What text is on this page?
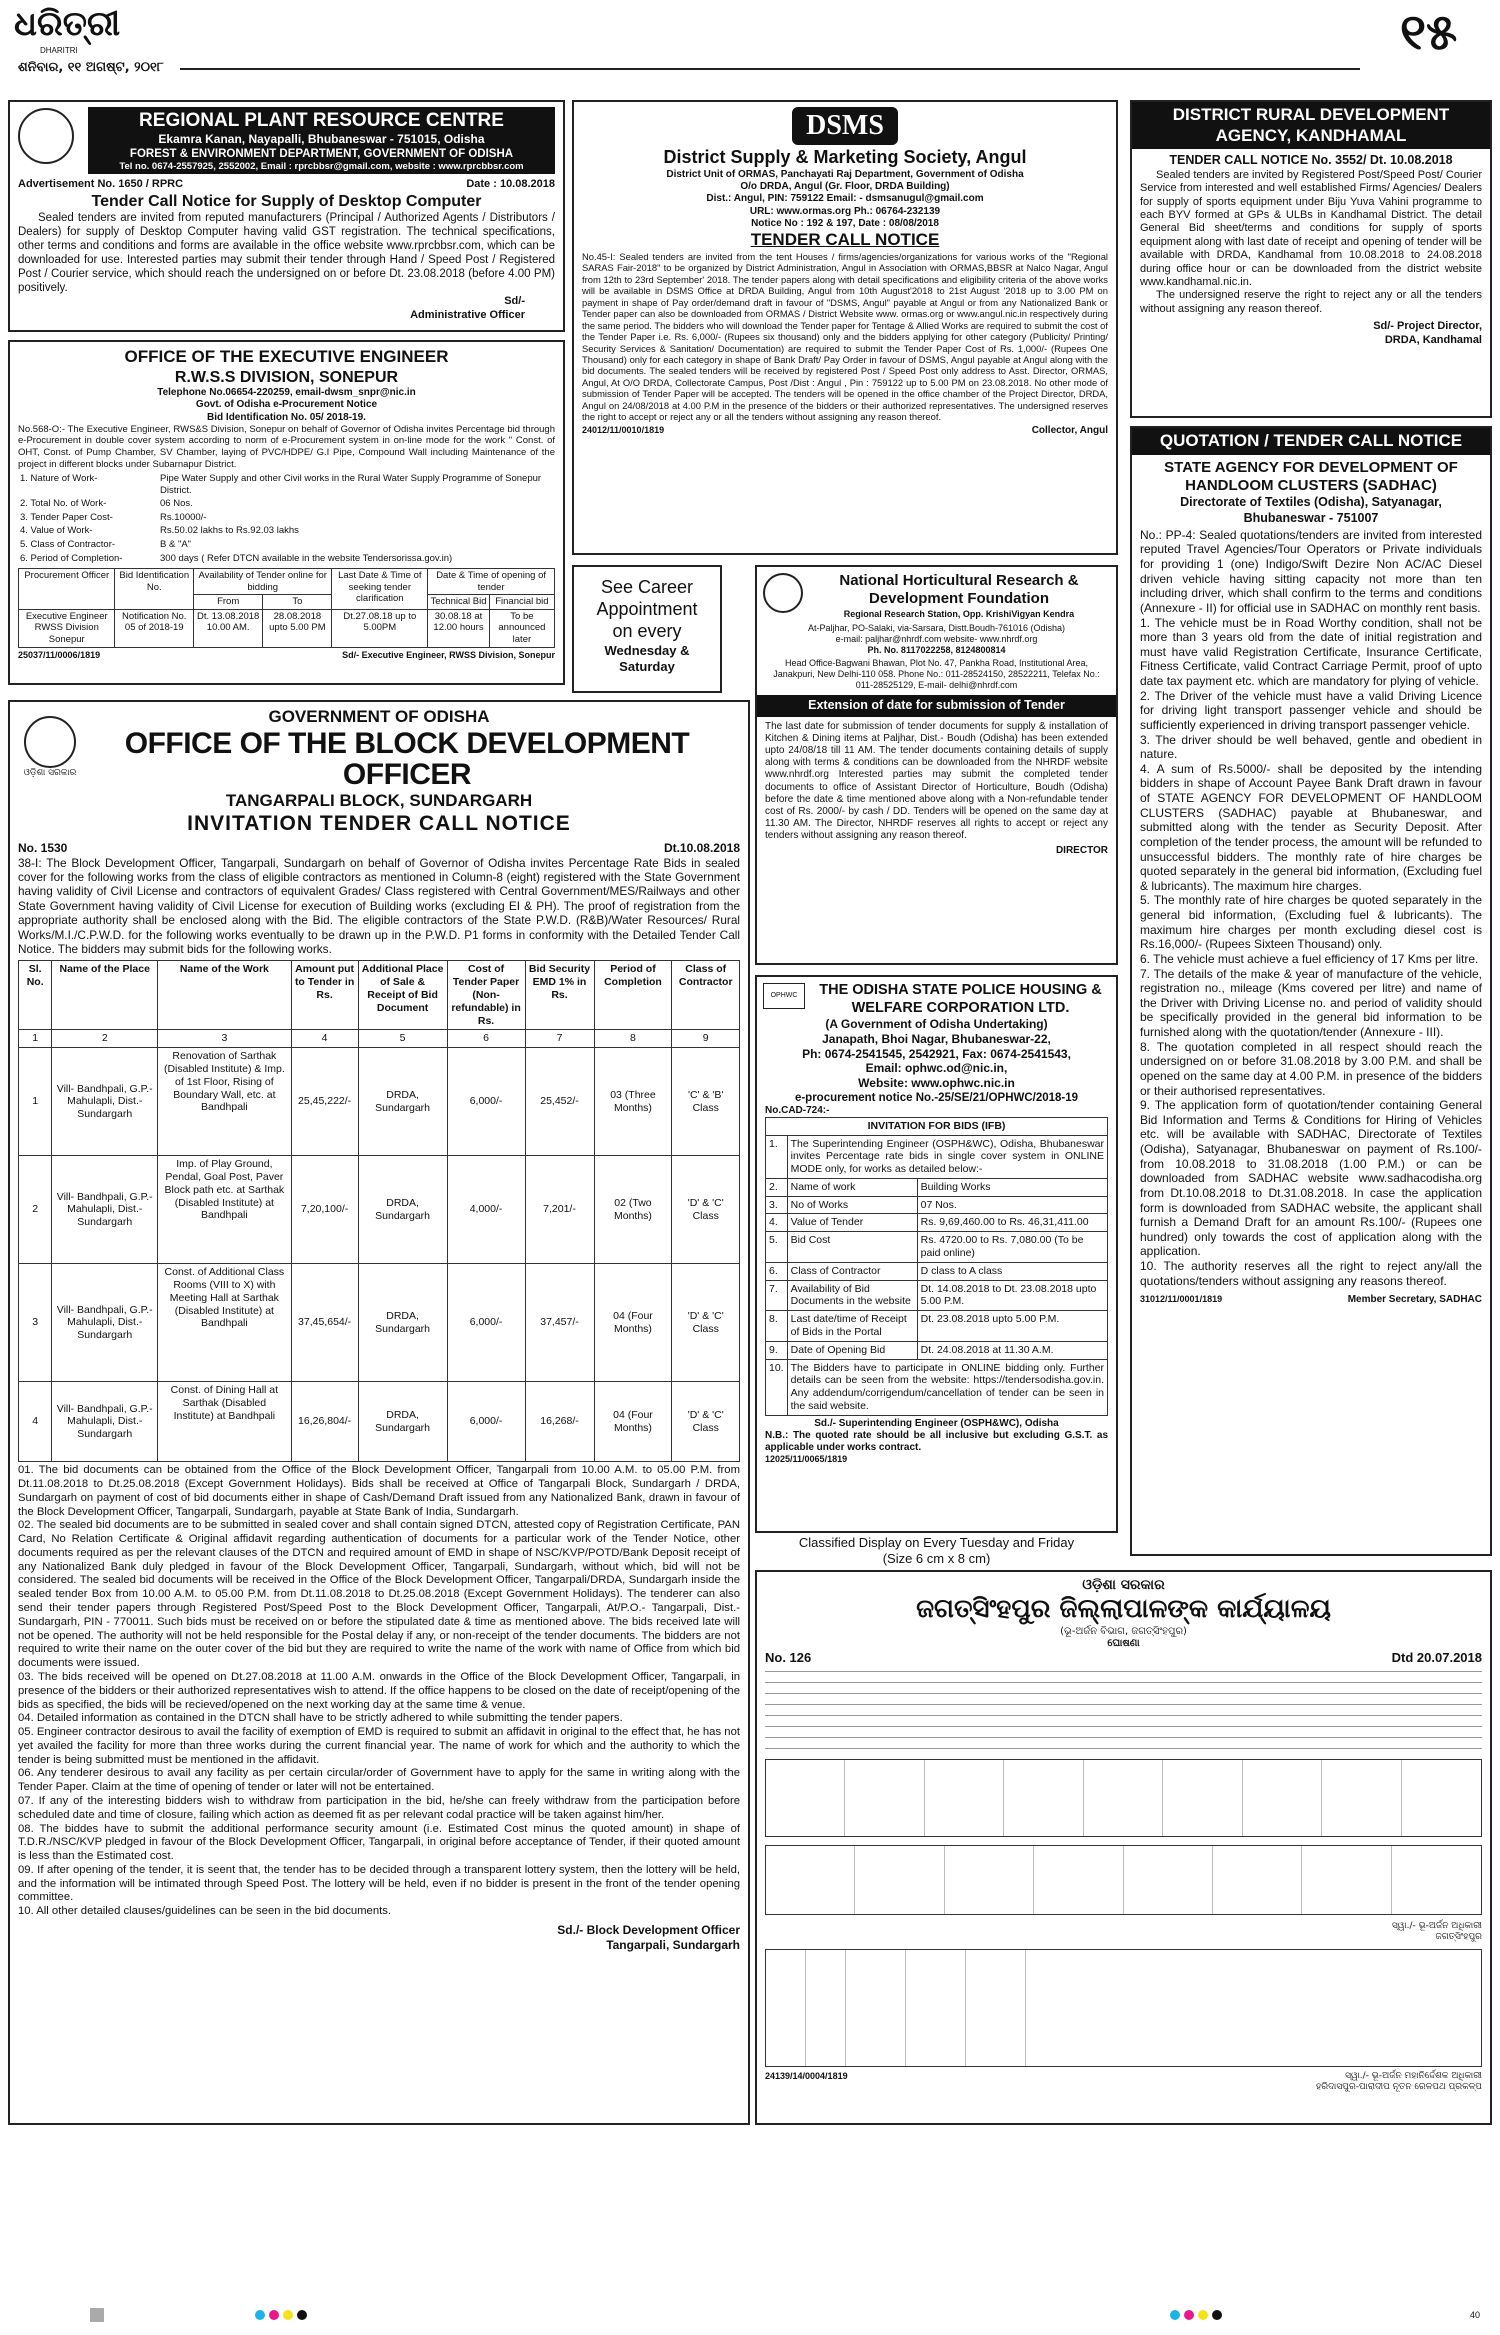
ଧରିତ୍ରୀ
DHARITRI
ଶନିବାର, ୧୧ ଅଗଷ୍ଟ, ୨୦୧୮
୧୫
REGIONAL PLANT RESOURCE CENTRE
Ekamra Kanan, Nayapalli, Bhubaneswar - 751015, Odisha
FOREST & ENVIRONMENT DEPARTMENT, GOVERNMENT OF ODISHA
Tel no. 0674-2557925, 2552002, Email : rprcbbsr@gmail.com, website : www.rprcbbsr.com
Advertisement No. 1650 / RPRC	Date : 10.08.2018
Tender Call Notice for Supply of Desktop Computer
Sealed tenders are invited from reputed manufacturers (Principal / Authorized Agents / Distributors / Dealers) for supply of Desktop Computer having valid GST registration. The technical specifications, other terms and conditions and forms are available in the office website www.rprcbbsr.com, which can be downloaded for use. Interested parties may submit their tender through Hand / Speed Post / Registered Post / Courier service, which should reach the undersigned on or before Dt. 23.08.2018 (before 4.00 PM) positively.
Sd/-
Administrative Officer
OFFICE OF THE EXECUTIVE ENGINEER
R.W.S.S DIVISION, SONEPUR
Telephone No.06654-220259, email-dwsm_snpr@nic.in
Govt. of Odisha e-Procurement Notice
Bid Identification No. 05/ 2018-19.
No.568-O:- The Executive Engineer, RWS&S Division, Sonepur on behalf of Governor of Odisha invites Percentage bid through e-Procurement in double cover system according to norm of e-Procurement system in on-line mode for the work " Const. of OHT, Const. of Pump Chamber, SV Chamber, laying of PVC/HDPE/ G.I Pipe, Compound Wall including Maintenance of the project in different blocks under Subarnapur District.
1. Nature of Work-	Pipe Water Supply and other Civil works in the Rural Water Supply Programme of Sonepur District.
2. Total No. of Work-	06 Nos.
3. Tender Paper Cost-	Rs.10000/-
4. Value of Work-	Rs.50.02 lakhs to Rs.92.03 lakhs
5. Class of Contractor-	B & "A"
6. Period of Completion-	300 days ( Refer DTCN available in the website Tendersorissa.gov.in)
Procurement Officer	Bid Identification No.	Availability of Tender online for bidding		Last Date & Time of seeking tender clarification	Date & Time of opening of tender	
		From	To		Technical Bid	Financial bid
Executive Engineer RWSS Division Sonepur	Notification No. 05 of 2018-19	Dt. 13.08.2018 10.00 AM.	28.08.2018 upto 5.00 PM	Dt.27.08.18 up to 5.00PM	30.08.18 at 12.00 hours	To be announced later
25037/11/0006/1819	Sd/- Executive Engineer, RWSS Division, Sonepur
DSMS
District Supply & Marketing Society, Angul
District Unit of ORMAS, Panchayati Raj Department, Government of Odisha
O/o DRDA, Angul (Gr. Floor, DRDA Building)
Dist.: Angul, PIN: 759122 Email: - dsmsanugul@gmail.com
URL: www.ormas.org Ph.: 06764-232139
Notice No : 192 & 197, Date : 08/08/2018
TENDER CALL NOTICE
No.45-I: Sealed tenders are invited from the tent Houses / firms/agencies/organizations for various works of the "Regional SARAS Fair-2018" to be organized by District Administration, Angul in Association with ORMAS,BBSR at Nalco Nagar, Angul from 12th to 23rd September' 2018. The tender papers along with detail specifications and eligibility criteria of the above works will be available in DSMS Office at DRDA Building, Angul from 10th August'2018 to 21st August '2018 up to 3.00 PM on payment in shape of Pay order/demand draft in favour of "DSMS, Angul" payable at Angul or from any Nationalized Bank or Tender paper can also be downloaded from ORMAS / District Website www. ormas.org or www.angul.nic.in respectively during the same period. The bidders who will download the Tender paper for Tentage & Allied Works are required to submit the cost of the Tender Paper i.e. Rs. 6,000/- (Rupees six thousand) only and the bidders applying for other category (Publicity/ Printing/ Security Services & Sanitation/ Documentation) are required to submit the Tender Paper Cost of Rs. 1,000/- (Rupees One Thousand) only for each category in shape of Bank Draft/ Pay Order in favour of DSMS, Angul payable at Angul along with the bid documents. The sealed tenders will be received by registered Post / Speed Post only address to Asst. Director, ORMAS, Angul, At O/O DRDA, Collectorate Campus, Post /Dist : Angul , Pin : 759122 up to 5.00 PM on 23.08.2018. No other mode of submission of Tender Paper will be accepted. The tenders will be opened in the office chamber of the Project Director, DRDA, Angul on 24/08/2018 at 4.00 P.M in the presence of the bidders or their authorized representatives. The undersigned reserves the right to accept or reject any or all the tenders without assigning any reason thereof.
24012/11/0010/1819	Collector, Angul
DISTRICT RURAL DEVELOPMENT
AGENCY, KANDHAMAL
TENDER CALL NOTICE No. 3552/ Dt. 10.08.2018
Sealed tenders are invited by Registered Post/Speed Post/ Courier Service from interested and well established Firms/ Agencies/ Dealers for supply of sports equipment under Biju Yuva Vahini programme to each BYV formed at GPs & ULBs in Kandhamal District. The detail General Bid sheet/terms and conditions for supply of sports equipment along with last date of receipt and opening of tender will be available with DRDA, Kandhamal from 10.08.2018 to 24.08.2018 during office hour or can be downloaded from the district website www.kandhamal.nic.in.
The undersigned reserve the right to reject any or all the tenders without assigning any reason thereof.
Sd/- Project Director,
DRDA, Kandhamal
QUOTATION / TENDER CALL NOTICE
STATE AGENCY FOR DEVELOPMENT OF HANDLOOM CLUSTERS (SADHAC)
Directorate of Textiles (Odisha), Satyanagar, Bhubaneswar - 751007
No.: PP-4: Sealed quotations/tenders are invited from interested reputed Travel Agencies/Tour Operators or Private individuals for providing 1 (one) Indigo/Swift Dezire Non AC/AC Diesel driven vehicle having sitting capacity not more than ten including driver, which shall confirm to the terms and conditions (Annexure - II) for official use in SADHAC on monthly rent basis.
1. The vehicle must be in Road Worthy condition, shall not be more than 3 years old from the date of initial registration and must have valid Registration Certificate, Insurance Certificate, Fitness Certificate, valid Contract Carriage Permit, proof of upto date tax payment etc. which are mandatory for plying of vehicle.
2. The Driver of the vehicle must have a valid Driving Licence for driving light transport passenger vehicle and should be sufficiently experienced in driving transport passenger vehicle.
3. The driver should be well behaved, gentle and obedient in nature.
4. A sum of Rs.5000/- shall be deposited by the intending bidders in shape of Account Payee Bank Draft drawn in favour of STATE AGENCY FOR DEVELOPMENT OF HANDLOOM CLUSTERS (SADHAC) payable at Bhubaneswar, and submitted along with the tender as Security Deposit. After completion of the tender process, the amount will be refunded to unsuccessful bidders. The monthly rate of hire charges be quoted separately in the general bid information, (Excluding fuel & lubricants). The maximum hire charges.
5. The monthly rate of hire charges be quoted separately in the general bid information, (Excluding fuel & lubricants). The maximum hire charges per month excluding diesel cost is Rs.16,000/- (Rupees Sixteen Thousand) only.
6. The vehicle must achieve a fuel efficiency of 17 Kms per litre.
7. The details of the make & year of manufacture of the vehicle, registration no., mileage (Kms covered per litre) and name of the Driver with Driving License no. and period of validity should be specifically provided in the general bid information to be furnished along with the quotation/tender (Annexure - III).
8. The quotation completed in all respect should reach the undersigned on or before 31.08.2018 by 3.00 P.M. and shall be opened on the same day at 4.00 P.M. in presence of the bidders or their authorised representatives.
9. The application form of quotation/tender containing General Bid Information and Terms & Conditions for Hiring of Vehicles etc. will be available with SADHAC, Directorate of Textiles (Odisha), Satyanagar, Bhubaneswar on payment of Rs.100/- from 10.08.2018 to 31.08.2018 (1.00 P.M.) or can be downloaded from SADHAC website www.sadhacodisha.org from Dt.10.08.2018 to Dt.31.08.2018. In case the application form is downloaded from SADHAC website, the applicant shall furnish a Demand Draft for an amount Rs.100/- (Rupees one hundred) only towards the cost of application along with the application.
10. The authority reserves all the right to reject any/all the quotations/tenders without assigning any reasons thereof.
31012/11/0001/1819	Member Secretary, SADHAC
See Career
Appointment
on every
Wednesday & Saturday
National Horticultural Research & Development Foundation
Regional Research Station, Opp. KrishiVigyan Kendra
At-Paljhar, PO-Salaki, via-Sarsara, Distt.Boudh-761016 (Odisha)
e-mail: paljhar@nhrdf.com website- www.nhrdf.org
Ph. No. 8117022258, 8124800814
Head Office-Bagwani Bhawan, Plot No. 47, Pankha Road, Institutional Area, Janakpuri, New Delhi-110 058. Phone No.: 011-28524150, 28522211, Telefax No.: 011-28525129, E-mail- delhi@nhrdf.com
Extension of date for submission of Tender
The last date for submission of tender documents for supply & installation of Kitchen & Dining items at Paljhar, Dist.- Boudh (Odisha) has been extended upto 24/08/18 till 11 AM. The tender documents containing details of supply along with terms & conditions can be downloaded from the NHRDF website www.nhrdf.org Interested parties may submit the completed tender documents to office of Assistant Director of Horticulture, Boudh (Odisha) before the date & time mentioned above along with a Non-refundable tender cost of Rs. 2000/- by cash / DD. Tenders will be opened on the same day at 11.30 AM. The Director, NHRDF reserves all rights to accept or reject any tenders without assigning any reason thereof.
DIRECTOR
ଓଡ଼ିଶା ସରକାର
GOVERNMENT OF ODISHA
OFFICE OF THE BLOCK DEVELOPMENT OFFICER
TANGARPALI BLOCK, SUNDARGARH
INVITATION TENDER CALL NOTICE
No. 1530	Dt.10.08.2018
38-I: The Block Development Officer, Tangarpali, Sundargarh on behalf of Governor of Odisha invites Percentage Rate Bids in sealed cover for the following works from the class of eligible contractors as mentioned in Column-8 (eight) registered with the State Government having validity of Civil License and contractors of equivalent Grades/ Class registered with Central Government/MES/Railways and other State Government having validity of Civil License for execution of Building works (excluding EI & PH). The proof of registration from the appropriate authority shall be enclosed along with the Bid. The eligible contractors of the State P.W.D. (R&B)/Water Resources/ Rural Works/M.I./C.P.W.D. for the following works eventually to be drawn up in the P.W.D. P1 forms in conformity with the Detailed Tender Call Notice. The bidders may submit bids for the following works.
Sl. No.	Name of the Place	Name of the Work	Amount put to Tender in Rs.	Additional Place of Sale & Receipt of Bid Document	Cost of Tender Paper (Non-refundable) in Rs.	Bid Security EMD 1% in Rs.	Period of Completion	Class of Contractor
1	2	3	4	5	6	7	8	9
1	Vill- Bandhpali, G.P.- Mahulapli, Dist.- Sundargarh	Renovation of Sarthak (Disabled Institute) & Imp. of 1st Floor, Rising of Boundary Wall, etc. at Bandhpali	25,45,222/-	DRDA, Sundargarh	6,000/-	25,452/-	03 (Three Months)	'C' & 'B' Class
2	Vill- Bandhpali, G.P.- Mahulapli, Dist.- Sundargarh	Imp. of Play Ground, Pendal, Goal Post, Paver Block path etc. at Sarthak (Disabled Institute) at Bandhpali	7,20,100/-	DRDA, Sundargarh	4,000/-	7,201/-	02 (Two Months)	'D' & 'C' Class
3	Vill- Bandhpali, G.P.- Mahulapli, Dist.- Sundargarh	Const. of Additional Class Rooms (VIII to X) with Meeting Hall at Sarthak (Disabled Institute) at Bandhpali	37,45,654/-	DRDA, Sundargarh	6,000/-	37,457/-	04 (Four Months)	'D' & 'C' Class
4	Vill- Bandhpali, G.P.- Mahulapli, Dist.- Sundargarh	Const. of Dining Hall at Sarthak (Disabled Institute) at Bandhpali	16,26,804/-	DRDA, Sundargarh	6,000/-	16,268/-	04 (Four Months)	'D' & 'C' Class
01. The bid documents can be obtained from the Office of the Block Development Officer, Tangarpali from 10.00 A.M. to 05.00 P.M. from Dt.11.08.2018 to Dt.25.08.2018 (Except Government Holidays). Bids shall be received at Office of Tangarpali Block, Sundargarh / DRDA, Sundargarh on payment of cost of bid documents either in shape of Cash/Demand Draft issued from any Nationalized Bank, drawn in favour of the Block Development Officer, Tangarpali, Sundargarh, payable at State Bank of India, Sundargarh.
02. The sealed bid documents are to be submitted in sealed cover and shall contain signed DTCN, attested copy of Registration Certificate, PAN Card, No Relation Certificate & Original affidavit regarding authentication of documents for a particular work of the Tender Notice, other documents required as per the relevant clauses of the DTCN and required amount of EMD in shape of NSC/KVP/POTD/Bank Deposit receipt of any Nationalized Bank duly pledged in favour of the Block Development Officer, Tangarpali, Sundargarh, without which, bid will not be considered. The sealed bid documents will be received in the Office of the Block Development Officer, Tangarpali/DRDA, Sundargarh inside the sealed tender Box from 10.00 A.M. to 05.00 P.M. from Dt.11.08.2018 to Dt.25.08.2018 (Except Government Holidays). The tenderer can also send their tender papers through Registered Post/Speed Post to the Block Development Officer, Tangarpali, At/P.O.- Tangarpali, Dist.- Sundargarh, PIN - 770011. Such bids must be received on or before the stipulated date & time as mentioned above. The bids received late will not be opened. The authority will not be held responsible for the Postal delay if any, or non-receipt of the tender documents. The bidders are not required to write their name on the outer cover of the bid but they are required to write the name of the work with name of Office from which bid documents were issued.
03. The bids received will be opened on Dt.27.08.2018 at 11.00 A.M. onwards in the Office of the Block Development Officer, Tangarpali, in presence of the bidders or their authorized representatives wish to attend. If the office happens to be closed on the date of receipt/opening of the bids as specified, the bids will be recieved/opened on the next working day at the same time & venue.
04. Detailed information as contained in the DTCN shall have to be strictly adhered to while submitting the tender papers.
05. Engineer contractor desirous to avail the facility of exemption of EMD is required to submit an affidavit in original to the effect that, he has not yet availed the facility for more than three works during the current financial year. The name of work for which and the authority to which the tender is being submitted must be mentioned in the affidavit.
06. Any tenderer desirous to avail any facility as per certain circular/order of Government have to apply for the same in writing along with the Tender Paper. Claim at the time of opening of tender or later will not be entertained.
07. If any of the interesting bidders wish to withdraw from participation in the bid, he/she can freely withdraw from the participation before scheduled date and time of closure, failing which action as deemed fit as per relevant codal practice will be taken against him/her.
08. The biddes have to submit the additional performance security amount (i.e. Estimated Cost minus the quoted amount) in shape of T.D.R./NSC/KVP pledged in favour of the Block Development Officer, Tangarpali, in original before acceptance of Tender, if their quoted amount is less than the Estimated cost.
09. If after opening of the tender, it is seent that, the tender has to be decided through a transparent lottery system, then the lottery will be held, and the information will be intimated through Speed Post. The lottery will be held, even if no bidder is present in the front of the tender opening committee.
10. All other detailed clauses/guidelines can be seen in the bid documents.
Sd./- Block Development Officer
Tangarpali, Sundargarh
OPHWC	THE ODISHA STATE POLICE HOUSING & WELFARE CORPORATION LTD.
(A Government of Odisha Undertaking)
Janapath, Bhoi Nagar, Bhubaneswar-22,
Ph: 0674-2541545, 2542921, Fax: 0674-2541543,
Email: ophwc.od@nic.in,
Website: www.ophwc.nic.in
e-procurement notice No.-25/SE/21/OPHWC/2018-19
No.CAD-724:-
INVITATION FOR BIDS (IFB)		
1.	The Superintending Engineer (OSPH&WC), Odisha, Bhubaneswar invites Percentage rate bids in single cover system in ONLINE MODE only, for works as detailed below:-	
2.	Name of work	Building Works
3.	No of Works	07 Nos.
4.	Value of Tender	Rs. 9,69,460.00 to Rs. 46,31,411.00
5.	Bid Cost	Rs. 4720.00 to Rs. 7,080.00 (To be paid online)
6.	Class of Contractor	D class to A class
7.	Availability of Bid Documents in the website	Dt. 14.08.2018 to Dt. 23.08.2018 upto 5.00 P.M.
8.	Last date/time of Receipt of Bids in the Portal	Dt. 23.08.2018 upto 5.00 P.M.
9.	Date of Opening Bid	Dt. 24.08.2018 at 11.30 A.M.
10.	The Bidders have to participate in ONLINE bidding only. Further details can be seen from the website: https://tendersodisha.gov.in. Any addendum/corrigendum/cancellation of tender can be seen in the said website.	
Sd./- Superintending Engineer (OSPH&WC), Odisha
N.B.: The quoted rate should be all inclusive but excluding G.S.T. as applicable under works contract.
12025/11/0065/1819
Classified Display on Every Tuesday and Friday
(Size 6 cm x 8 cm)
ଓଡ଼ିଶା ସରକାର
ଜଗତ୍‌ସିଂହପୁର ଜିଲ୍ଲାପାଳଙ୍କ କାର୍ଯ୍ୟାଳୟ
(ଭୂ-ଅର୍ଜନ ବିଭାଗ, ଜଗତ୍‌ସିଂହପୁର)
ଘୋଷଣା
No. 126	Dtd 20.07.2018
ସ୍ୱା./- ଭୂ-ଅର୍ଜନ ଅଧିକାରୀ
ଜଗତ୍‌ସିଂହପୁର
24139/14/0004/1819	ସ୍ୱା./- ଭୂ-ଅର୍ଜନ ମହାନିର୍ଦ୍ଦେଶକ ଅଧିକାରୀ
ହରିଦାସପୁର-ପାରାଦୀପ ନୂତନ ରେଳପଥ ପ୍ରକଳ୍ପ
40
